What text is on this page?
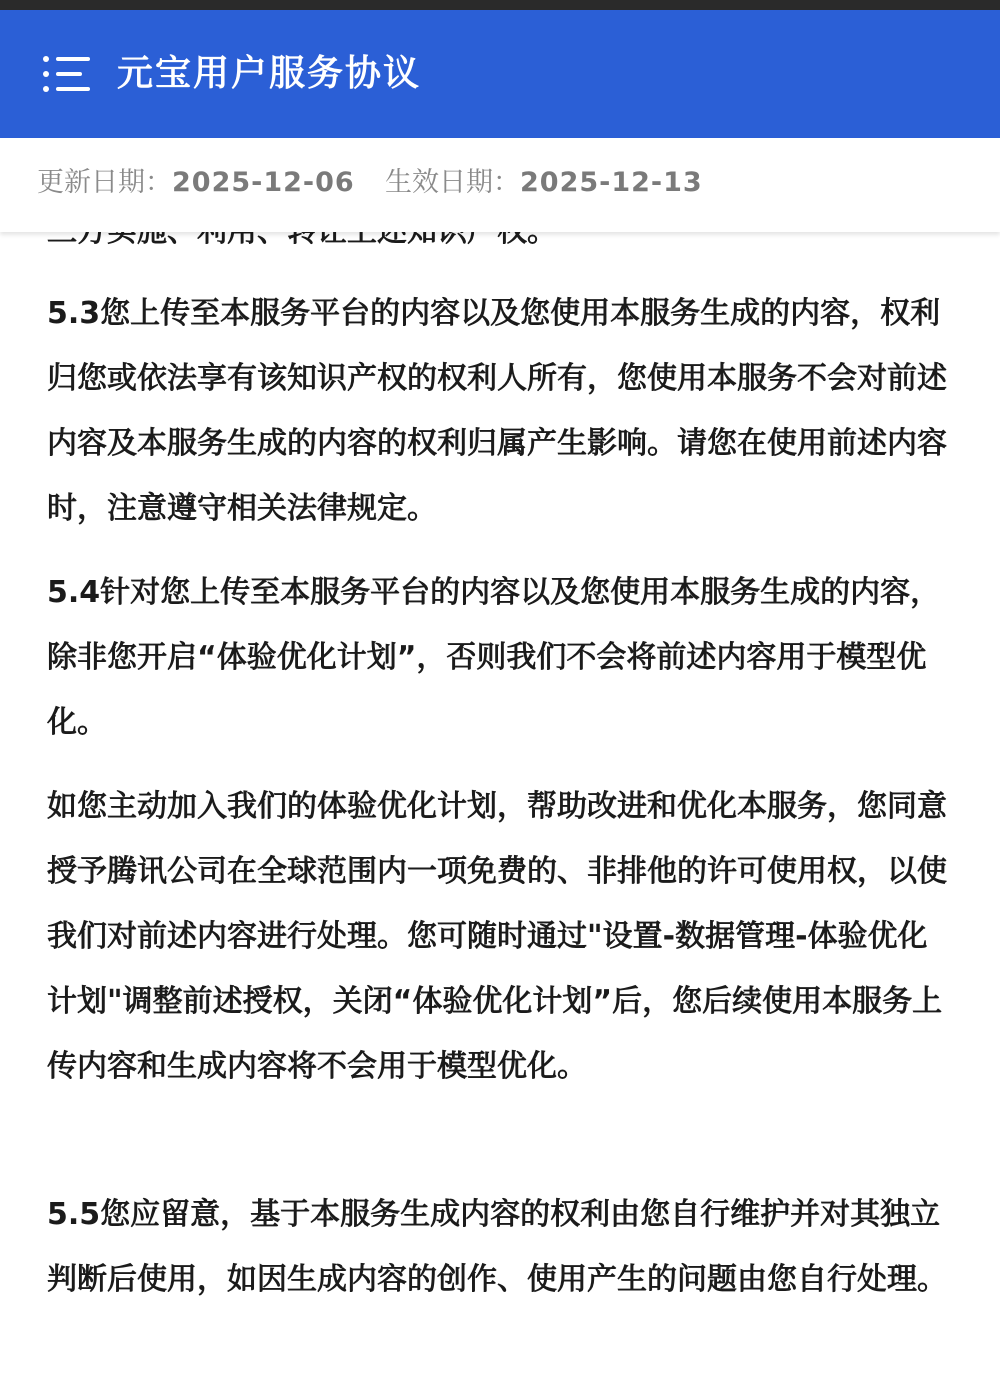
元宝用户服务协议
更新日期：2025-12-06 生效日期：2025-12-13

5.3您上传至本服务平台的内容以及您使用本服务生成的内容，权利归您或依法享有该知识产权的权利人所有，您使用本服务不会对前述内容及本服务生成的内容的权利归属产生影响。请您在使用前述内容时，注意遵守相关法律规定。

5.4针对您上传至本服务平台的内容以及您使用本服务生成的内容，除非您开启“体验优化计划”，否则我们不会将前述内容用于模型优化。

如您主动加入我们的体验优化计划，帮助改进和优化本服务，您同意授予腾讯公司在全球范围内一项免费的、非排他的许可使用权，以使我们对前述内容进行处理。您可随时通过"设置-数据管理-体验优化计划"调整前述授权，关闭“体验优化计划”后，您后续使用本服务上传内容和生成内容将不会用于模型优化。

5.5您应留意，基于本服务生成内容的权利由您自行维护并对其独立判断后使用，如因生成内容的创作、使用产生的问题由您自行处理。
